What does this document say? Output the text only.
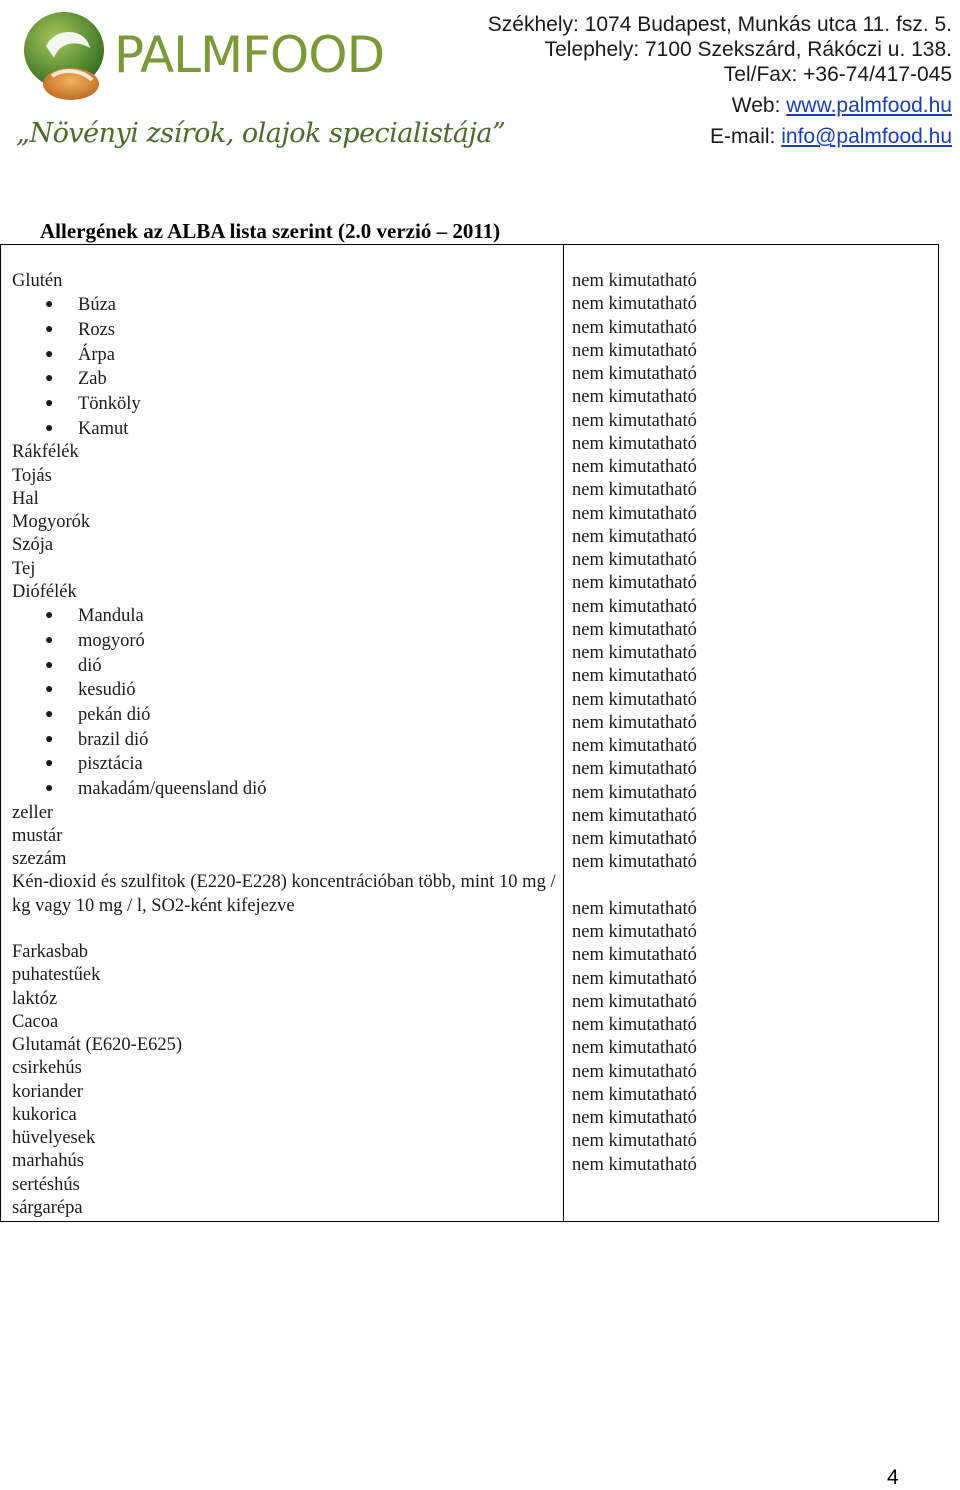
PALMFOOD
„Növényi zsírok, olajok specialistája”
Székhely: 1074 Budapest, Munkás utca 11. fsz. 5.
Telephely: 7100 Szekszárd, Rákóczi u. 138.
Tel/Fax: +36-74/417-045
Web: www.palmfood.hu
E-mail: info@palmfood.hu
Allergének az ALBA lista szerint (2.0 verzió – 2011)
Glutén
● Búza
● Rozs
● Árpa
● Zab
● Tönköly
● Kamut
Rákfélék
Tojás
Hal
Mogyorók
Szója
Tej
Diófélék
● Mandula
● mogyoró
● dió
● kesudió
● pekán dió
● brazil dió
● pisztácia
● makadám/queensland dió
zeller
mustár
szezám
Kén-dioxid és szulfitok (E220-E228) koncentrációban több, mint 10 mg / kg vagy 10 mg / l, SO2-ként kifejezve
Farkasbab
puhatestűek
laktóz
Cacoa
Glutamát (E620-E625)
csirkehús
koriander
kukorica
hüvelyesek
marhahús
sertéshús
sárgarépa
nem kimutatható
nem kimutatható
nem kimutatható
nem kimutatható
nem kimutatható
nem kimutatható
nem kimutatható
nem kimutatható
nem kimutatható
nem kimutatható
nem kimutatható
nem kimutatható
nem kimutatható
nem kimutatható
nem kimutatható
nem kimutatható
nem kimutatható
nem kimutatható
nem kimutatható
nem kimutatható
nem kimutatható
nem kimutatható
nem kimutatható
nem kimutatható
nem kimutatható
nem kimutatható
nem kimutatható
nem kimutatható
nem kimutatható
nem kimutatható
nem kimutatható
nem kimutatható
nem kimutatható
nem kimutatható
nem kimutatható
nem kimutatható
nem kimutatható
nem kimutatható
4
